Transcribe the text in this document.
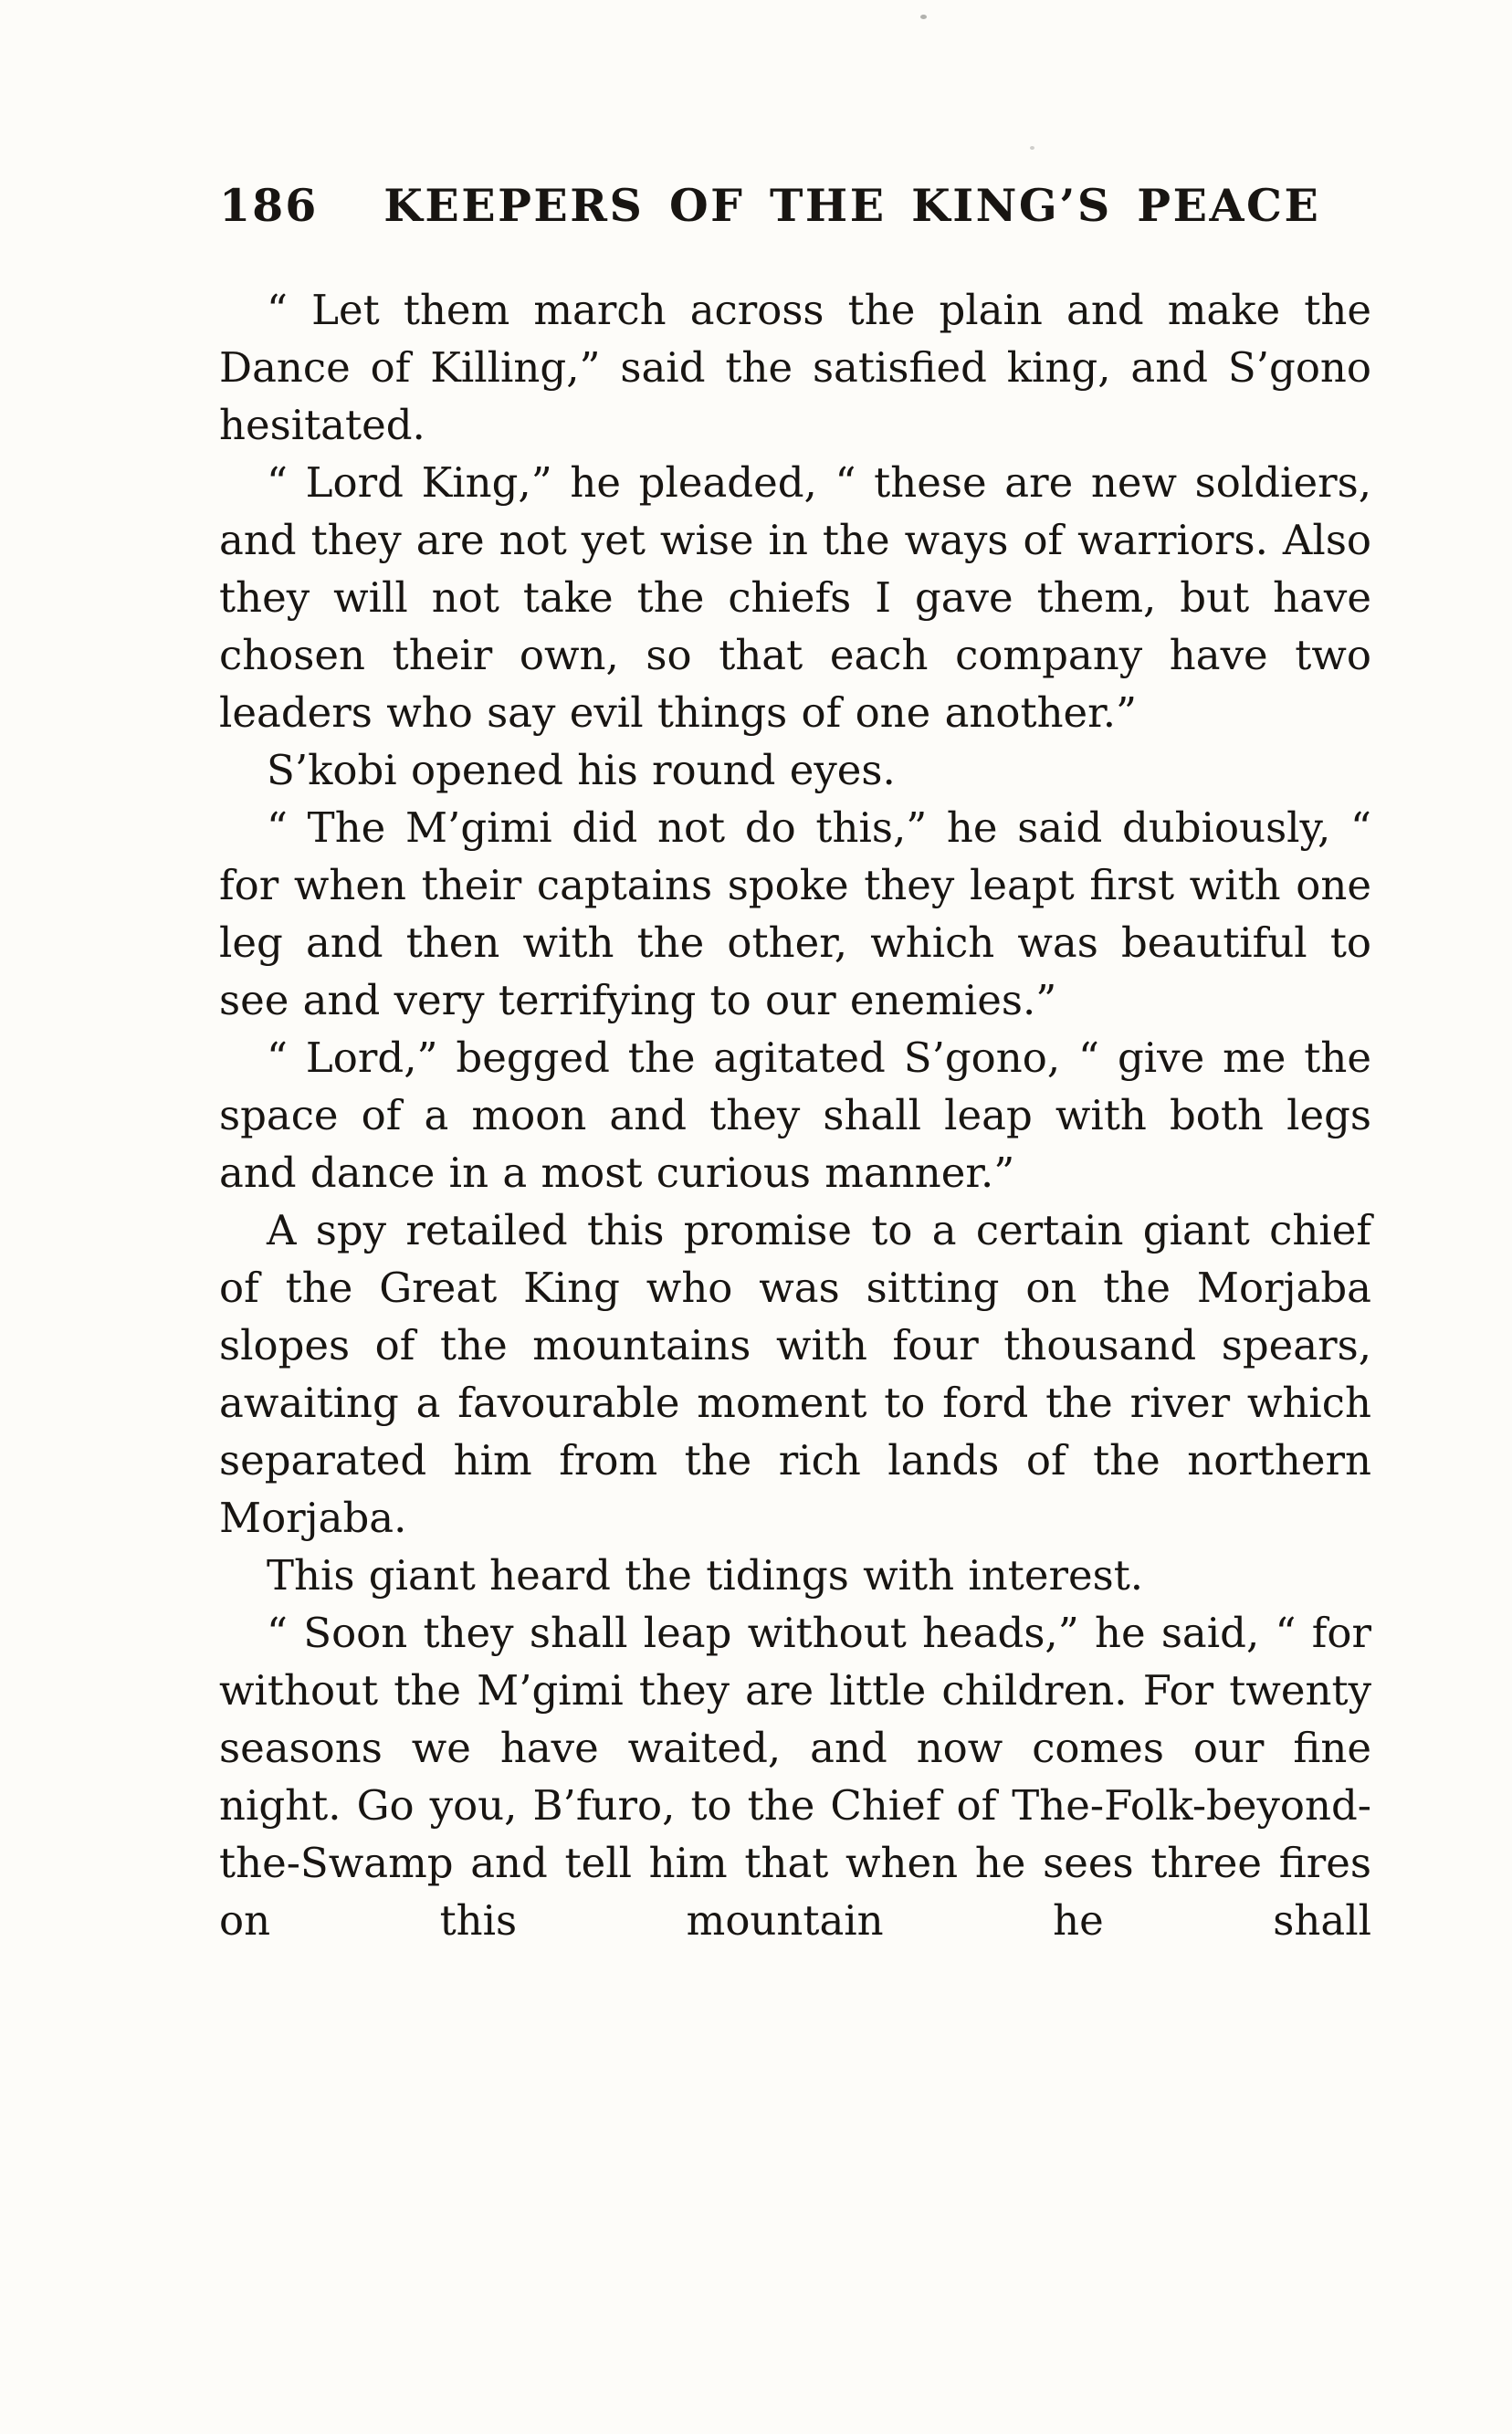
186 KEEPERS OF THE KING’S PEACE

“ Let them march across the plain and make the Dance of Killing,” said the satisfied king, and S’gono hesitated.

“ Lord King,” he pleaded, “ these are new soldiers, and they are not yet wise in the ways of warriors. Also they will not take the chiefs I gave them, but have chosen their own, so that each company have two leaders who say evil things of one another.”

S’kobi opened his round eyes.

“ The M’gimi did not do this,” he said dubiously, “ for when their captains spoke they leapt first with one leg and then with the other, which was beautiful to see and very terrifying to our enemies.”

“ Lord,” begged the agitated S’gono, “ give me the space of a moon and they shall leap with both legs and dance in a most curious manner.”

A spy retailed this promise to a certain giant chief of the Great King who was sitting on the Morjaba slopes of the mountains with four thousand spears, awaiting a favourable moment to ford the river which separated him from the rich lands of the northern Morjaba.

This giant heard the tidings with interest.

“ Soon they shall leap without heads,” he said, “ for without the M’gimi they are little children. For twenty seasons we have waited, and now comes our fine night. Go you, B’furo, to the Chief of The-Folk-beyond-the-Swamp and tell him that when he sees three fires on this mountain he shall
